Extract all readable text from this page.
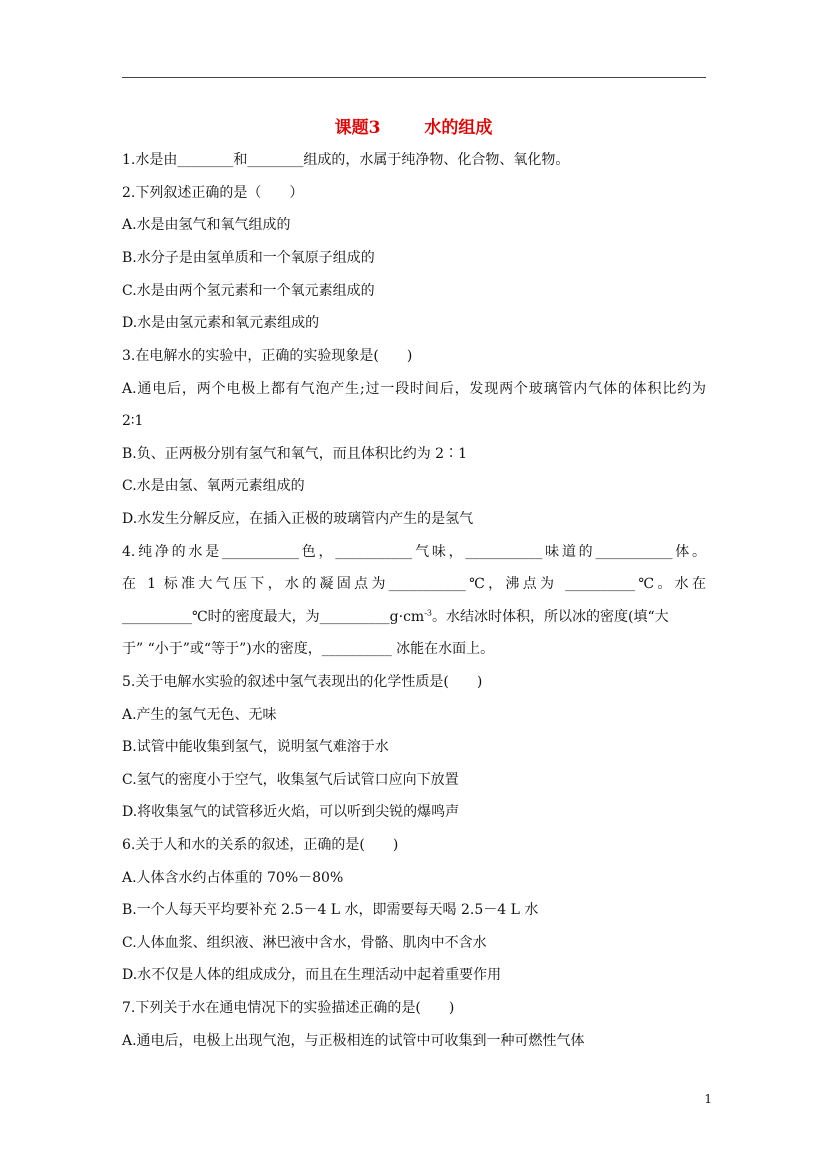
课题3	水的组成
1.水是由________和________组成的，水属于纯净物、化合物、氧化物。
2.下列叙述正确的是（　　）
A.水是由氢气和氧气组成的
B.水分子是由氢单质和一个氧原子组成的
C.水是由两个氢元素和一个氧元素组成的
D.水是由氢元素和氧元素组成的
3.在电解水的实验中，正确的实验现象是(　　)
A.通电后，两个电极上都有气泡产生;过一段时间后，发现两个玻璃管内气体的体积比约为
2∶1
B.负、正两极分别有氢气和氧气，而且体积比约为 2∶1
C.水是由氢、氧两元素组成的
D.水发生分解反应，在插入正极的玻璃管内产生的是氢气
4.纯净的水是___________色，___________气味，___________味道的___________体。
在 1 标准大气压下，水的凝固点为___________℃，沸点为 __________℃。水在
__________℃时的密度最大，为$\_\_\_\_\_\_\_\_\_\_g\cdot cm^{-3}$。水结冰时体积，所以冰的密度(填“大
于” “小于”或“等于”)水的密度，__________ 冰能在水面上。
5.关于电解水实验的叙述中氢气表现出的化学性质是(　　)
A.产生的氢气无色、无味
B.试管中能收集到氢气，说明氢气难溶于水
C.氢气的密度小于空气，收集氢气后试管口应向下放置
D.将收集氢气的试管移近火焰，可以听到尖锐的爆鸣声
6.关于人和水的关系的叙述，正确的是(　　)
A.人体含水约占体重的 70%－80%
B.一个人每天平均要补充 2.5－4 L 水，即需要每天喝 2.5－4 L 水
C.人体血浆、组织液、淋巴液中含水，骨骼、肌肉中不含水
D.水不仅是人体的组成成分，而且在生理活动中起着重要作用
7.下列关于水在通电情况下的实验描述正确的是(　　)
A.通电后，电极上出现气泡，与正极相连的试管中可收集到一种可燃性气体
1
